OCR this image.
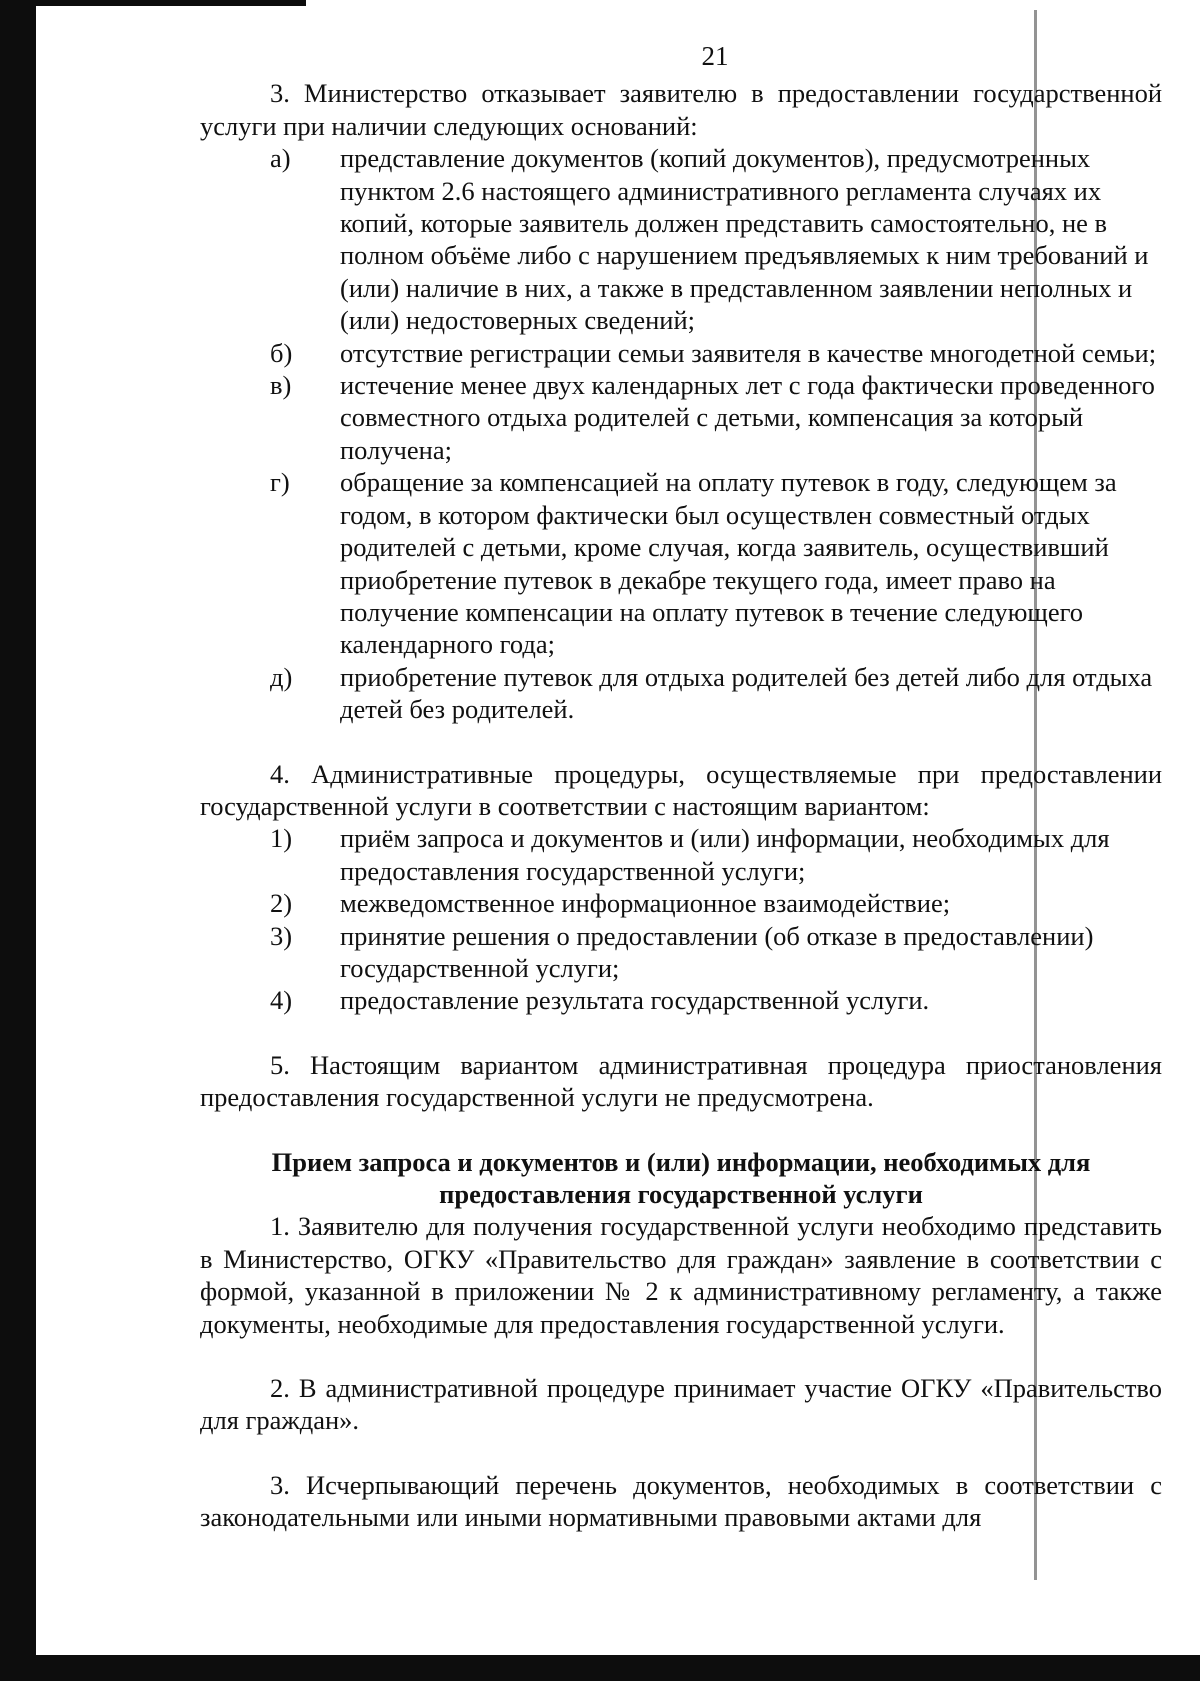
21

3. Министерство отказывает заявителю в предоставлении государственной услуги при наличии следующих оснований:

а)	представление документов (копий документов), предусмотренных пунктом 2.6 настоящего административного регламента случаях их копий, которые заявитель должен представить самостоятельно, не в полном объёме либо с нарушением предъявляемых к ним требований и (или) наличие в них, а также в представленном заявлении неполных и (или) недостоверных сведений;
б)	отсутствие регистрации семьи заявителя в качестве многодетной семьи;
в)	истечение менее двух календарных лет с года фактически проведенного совместного отдыха родителей с детьми, компенсация за который получена;
г)	обращение за компенсацией на оплату путевок в году, следующем за годом, в котором фактически был осуществлен совместный отдых родителей с детьми, кроме случая, когда заявитель, осуществивший приобретение путевок в декабре текущего года, имеет право на получение компенсации на оплату путевок в течение следующего календарного года;
д)	приобретение путевок для отдыха родителей без детей либо для отдыха детей без родителей.

4. Административные процедуры, осуществляемые при предоставлении государственной услуги в соответствии с настоящим вариантом:

1)	приём запроса и документов и (или) информации, необходимых для предоставления государственной услуги;
2)	межведомственное информационное взаимодействие;
3)	принятие решения о предоставлении (об отказе в предоставлении) государственной услуги;
4)	предоставление результата государственной услуги.

5. Настоящим вариантом административная процедура приостановления предоставления государственной услуги не предусмотрена.

Прием запроса и документов и (или) информации, необходимых для предоставления государственной услуги

1. Заявителю для получения государственной услуги необходимо представить в Министерство, ОГКУ «Правительство для граждан» заявление в соответствии с формой, указанной в приложении № 2 к административному регламенту, а также документы, необходимые для предоставления государственной услуги.

2. В административной процедуре принимает участие ОГКУ «Правительство для граждан».

3. Исчерпывающий перечень документов, необходимых в соответствии с законодательными или иными нормативными правовыми актами для
